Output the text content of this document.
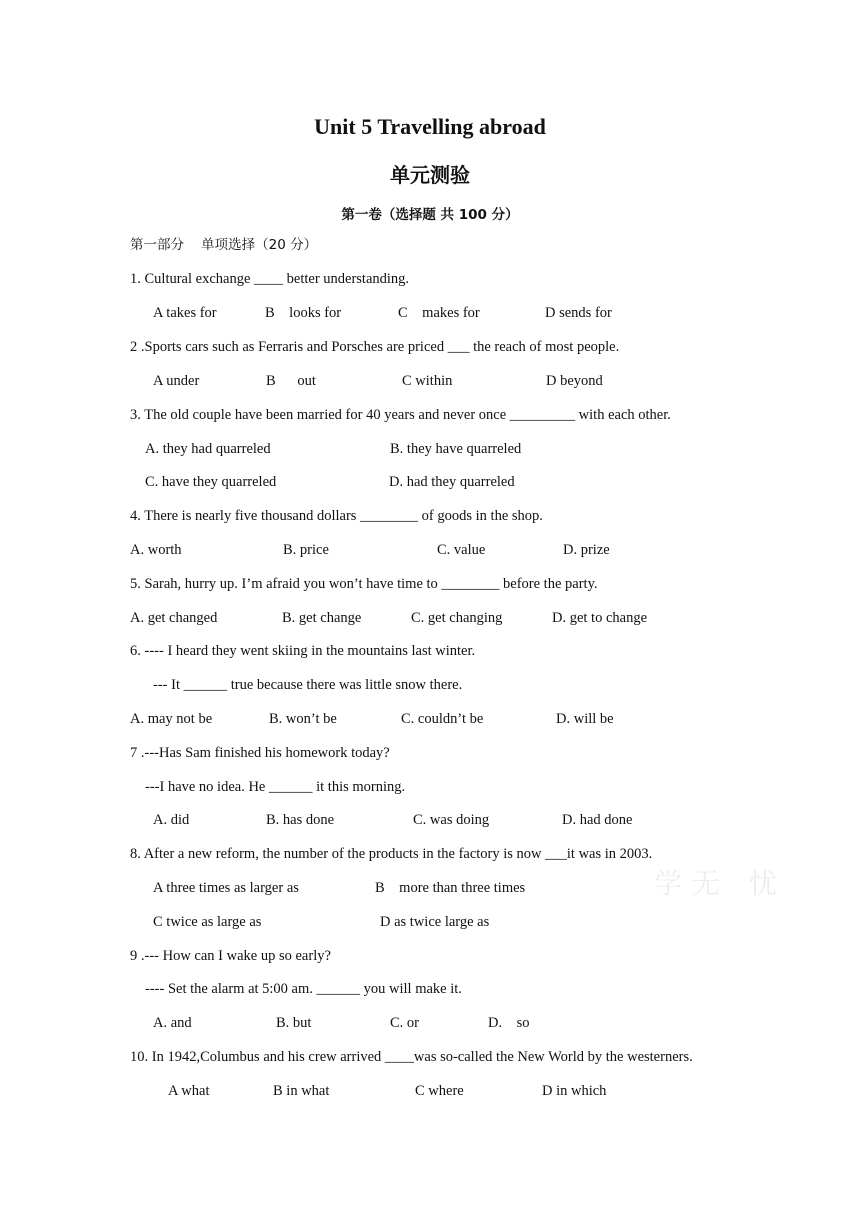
学无 忧
Unit 5 Travelling abroad
单元测验
第一卷（选择题 共 100 分）
第一部分    单项选择（20 分）
1. Cultural exchange ____ better understanding.
A takes for	B    looks for	C    makes for	D sends for
2 .Sports cars such as Ferraris and Porsches are priced ___ the reach of most people.
A under	B      out	C within	D beyond
3. The old couple have been married for 40 years and never once _________ with each other.
A. they had quarreled	B. they have quarreled
C. have they quarreled	D. had they quarreled
4. There is nearly five thousand dollars ________ of goods in the shop.
A. worth	B. price	C. value	D. prize
5. Sarah, hurry up. I’m afraid you won’t have time to ________ before the party.
A. get changed	B. get change	C. get changing	D. get to change
6. ---- I heard they went skiing in the mountains last winter.
--- It ______ true because there was little snow there.
A. may not be	B. won’t be	C. couldn’t be	D. will be
7 .---Has Sam finished his homework today?
---I have no idea. He ______ it this morning.
A. did	B. has done	C. was doing	D. had done
8. After a new reform, the number of the products in the factory is now ___it was in 2003.
A three times as larger as	B    more than three times
C twice as large as	D as twice large as
9 .--- How can I wake up so early?
---- Set the alarm at 5:00 am. ______ you will make it.
A. and	B. but	C. or	D.    so
10. In 1942,Columbus and his crew arrived ____was so-called the New World by the westerners.
A what	B in what	C where	D in which
